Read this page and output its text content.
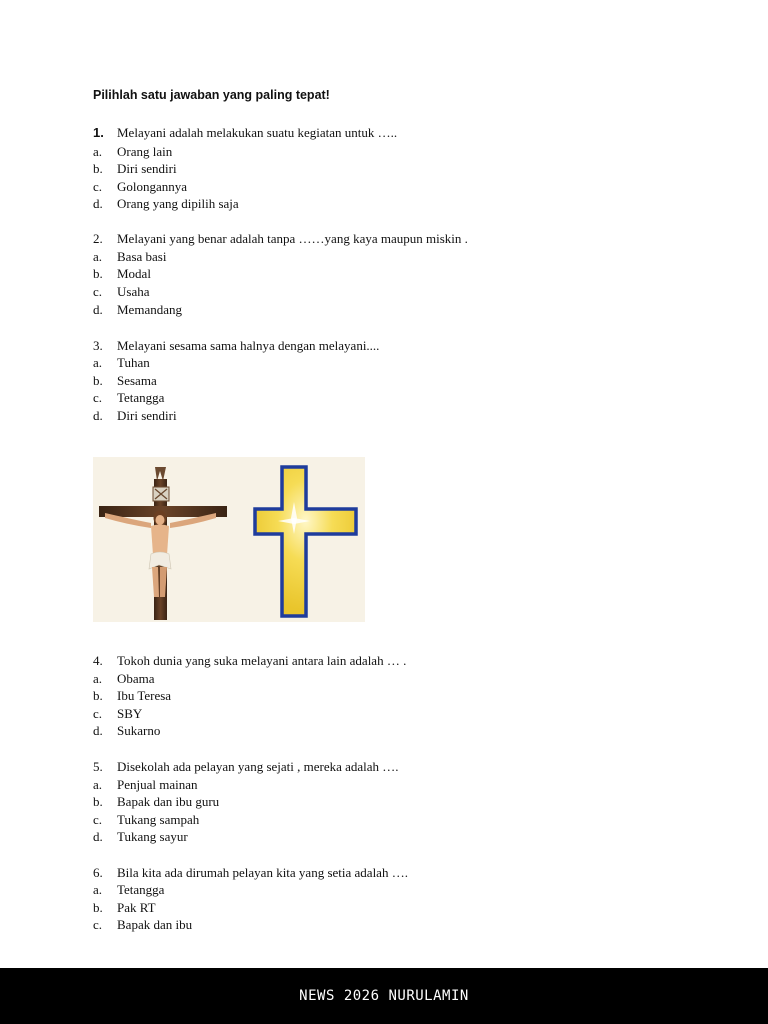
Pilihlah satu jawaban yang paling tepat!
1. Melayani adalah melakukan suatu kegiatan untuk …..
a. Orang lain
b. Diri sendiri
c. Golongannya
d. Orang yang dipilih saja
2. Melayani yang benar adalah tanpa ……yang kaya maupun miskin .
a. Basa basi
b. Modal
c. Usaha
d. Memandang
3. Melayani sesama sama halnya dengan melayani....
a. Tuhan
b. Sesama
c. Tetangga
d. Diri sendiri
4. Tokoh dunia yang suka melayani antara lain adalah … .
a. Obama
b. Ibu Teresa
c. SBY
d. Sukarno
5. Disekolah ada pelayan yang sejati , mereka adalah ….
a. Penjual mainan
b. Bapak dan ibu guru
c. Tukang sampah
d. Tukang sayur
6. Bila kita ada dirumah pelayan kita yang setia adalah ….
a. Tetangga
b. Pak RT
c. Bapak dan ibu
NEWS 2026 NURULAMIN
